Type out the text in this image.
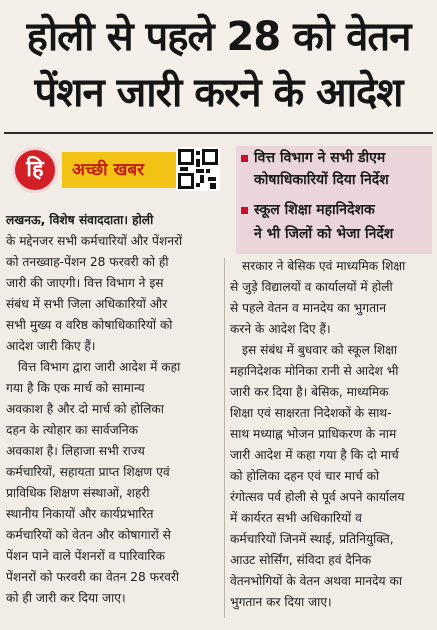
होली से पहले 28 को वेतन
पेंशन जारी करने के आदेश
हि	अच्छी खबर
वित्त विभाग ने सभी डीएम
कोषाधिकारियों दिया निर्देश
स्कूल शिक्षा महानिदेशक
ने भी जिलों को भेजा निर्देश
लखनऊ, विशेष संवाददाता। होली
के मद्देनजर सभी कर्मचारियों और पेंशनरों
को तनख्वाह-पेंशन 28 फरवरी को ही
जारी की जाएगी। वित्त विभाग ने इस
संबंध में सभी जिला अधिकारियों और
सभी मुख्य व वरिष्ठ कोषाधिकारियों को
आदेश जारी किए हैं।
वित्त विभाग द्वारा जारी आदेश में कहा
गया है कि एक मार्च को सामान्य
अवकाश है और दो मार्च को होलिका
दहन के त्योहार का सार्वजनिक
अवकाश है। लिहाजा सभी राज्य
कर्मचारियों, सहायता प्राप्त शिक्षण एवं
प्राविधिक शिक्षण संस्थाओं, शहरी
स्थानीय निकायों और कार्यप्रभारित
कर्मचारियों को वेतन और कोषागारों से
पेंशन पाने वाले पेंशनरों व पारिवारिक
पेंशनरों को फरवरी का वेतन 28 फरवरी
को ही जारी कर दिया जाए।
सरकार ने बेसिक एवं माध्यमिक शिक्षा
से जुड़े विद्यालयों व कार्यालयों में होली
से पहले वेतन व मानदेय का भुगतान
करने के आदेश दिए हैं।
इस संबंध में बुधवार को स्कूल शिक्षा
महानिदेशक मोनिका रानी से आदेश भी
जारी कर दिया है। बेसिक, माध्यमिक
शिक्षा एवं साक्षरता निदेशकों के साथ-
साथ मध्याह्न भोजन प्राधिकरण के नाम
जारी आदेश में कहा गया है कि दो मार्च
को होलिका दहन एवं चार मार्च को
रंगोत्सव पर्व होली से पूर्व अपने कार्यालय
में कार्यरत सभी अधिकारियों व
कर्मचारियों जिनमें स्थाई, प्रतिनियुक्ति,
आउट सोर्सिंग, संविदा हवं दैनिक
वेतनभोगियों के वेतन अथवा मानदेय का
भुगतान कर दिया जाए।
